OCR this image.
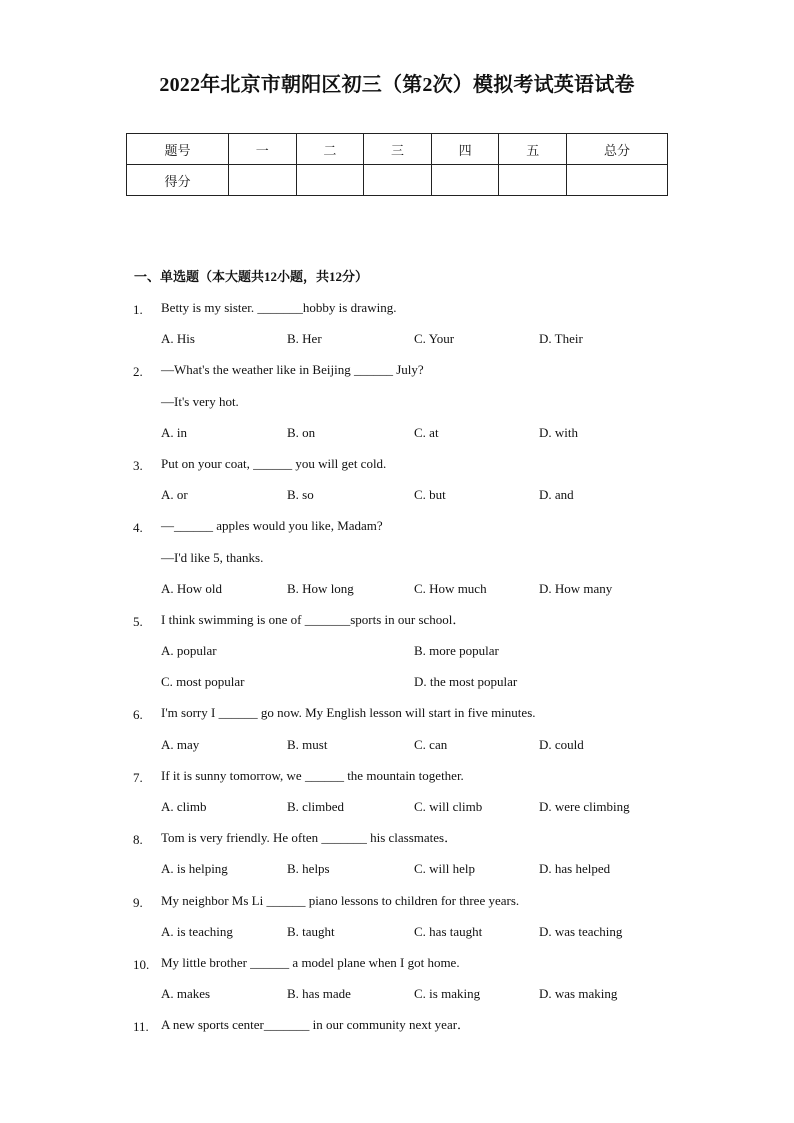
2022年北京市朝阳区初三（第2次）模拟考试英语试卷
题号	一	二	三	四	五	总分
得分						
一、单选题（本大题共12小题，共12分）
1. Betty is my sister. _______hobby is drawing.
A. His	B. Her	C. Your	D. Their
2. —What's the weather like in Beijing ______ July?
—It's very hot.
A. in	B. on	C. at	D. with
3. Put on your coat, ______ you will get cold.
A. or	B. so	C. but	D. and
4. —______ apples would you like, Madam?
—I'd like 5, thanks.
A. How old	B. How long	C. How much	D. How many
5. I think swimming is one of _______sports in our school．
A. popular	B. more popular
C. most popular	D. the most popular
6. I'm sorry I ______ go now. My English lesson will start in five minutes.
A. may	B. must	C. can	D. could
7. If it is sunny tomorrow, we ______ the mountain together.
A. climb	B. climbed	C. will climb	D. were climbing
8. Tom is very friendly. He often _______ his classmates．
A. is helping	B. helps	C. will help	D. has helped
9. My neighbor Ms Li ______ piano lessons to children for three years.
A. is teaching	B. taught	C. has taught	D. was teaching
10. My little brother ______ a model plane when I got home.
A. makes	B. has made	C. is making	D. was making
11. A new sports center_______ in our community next year．
